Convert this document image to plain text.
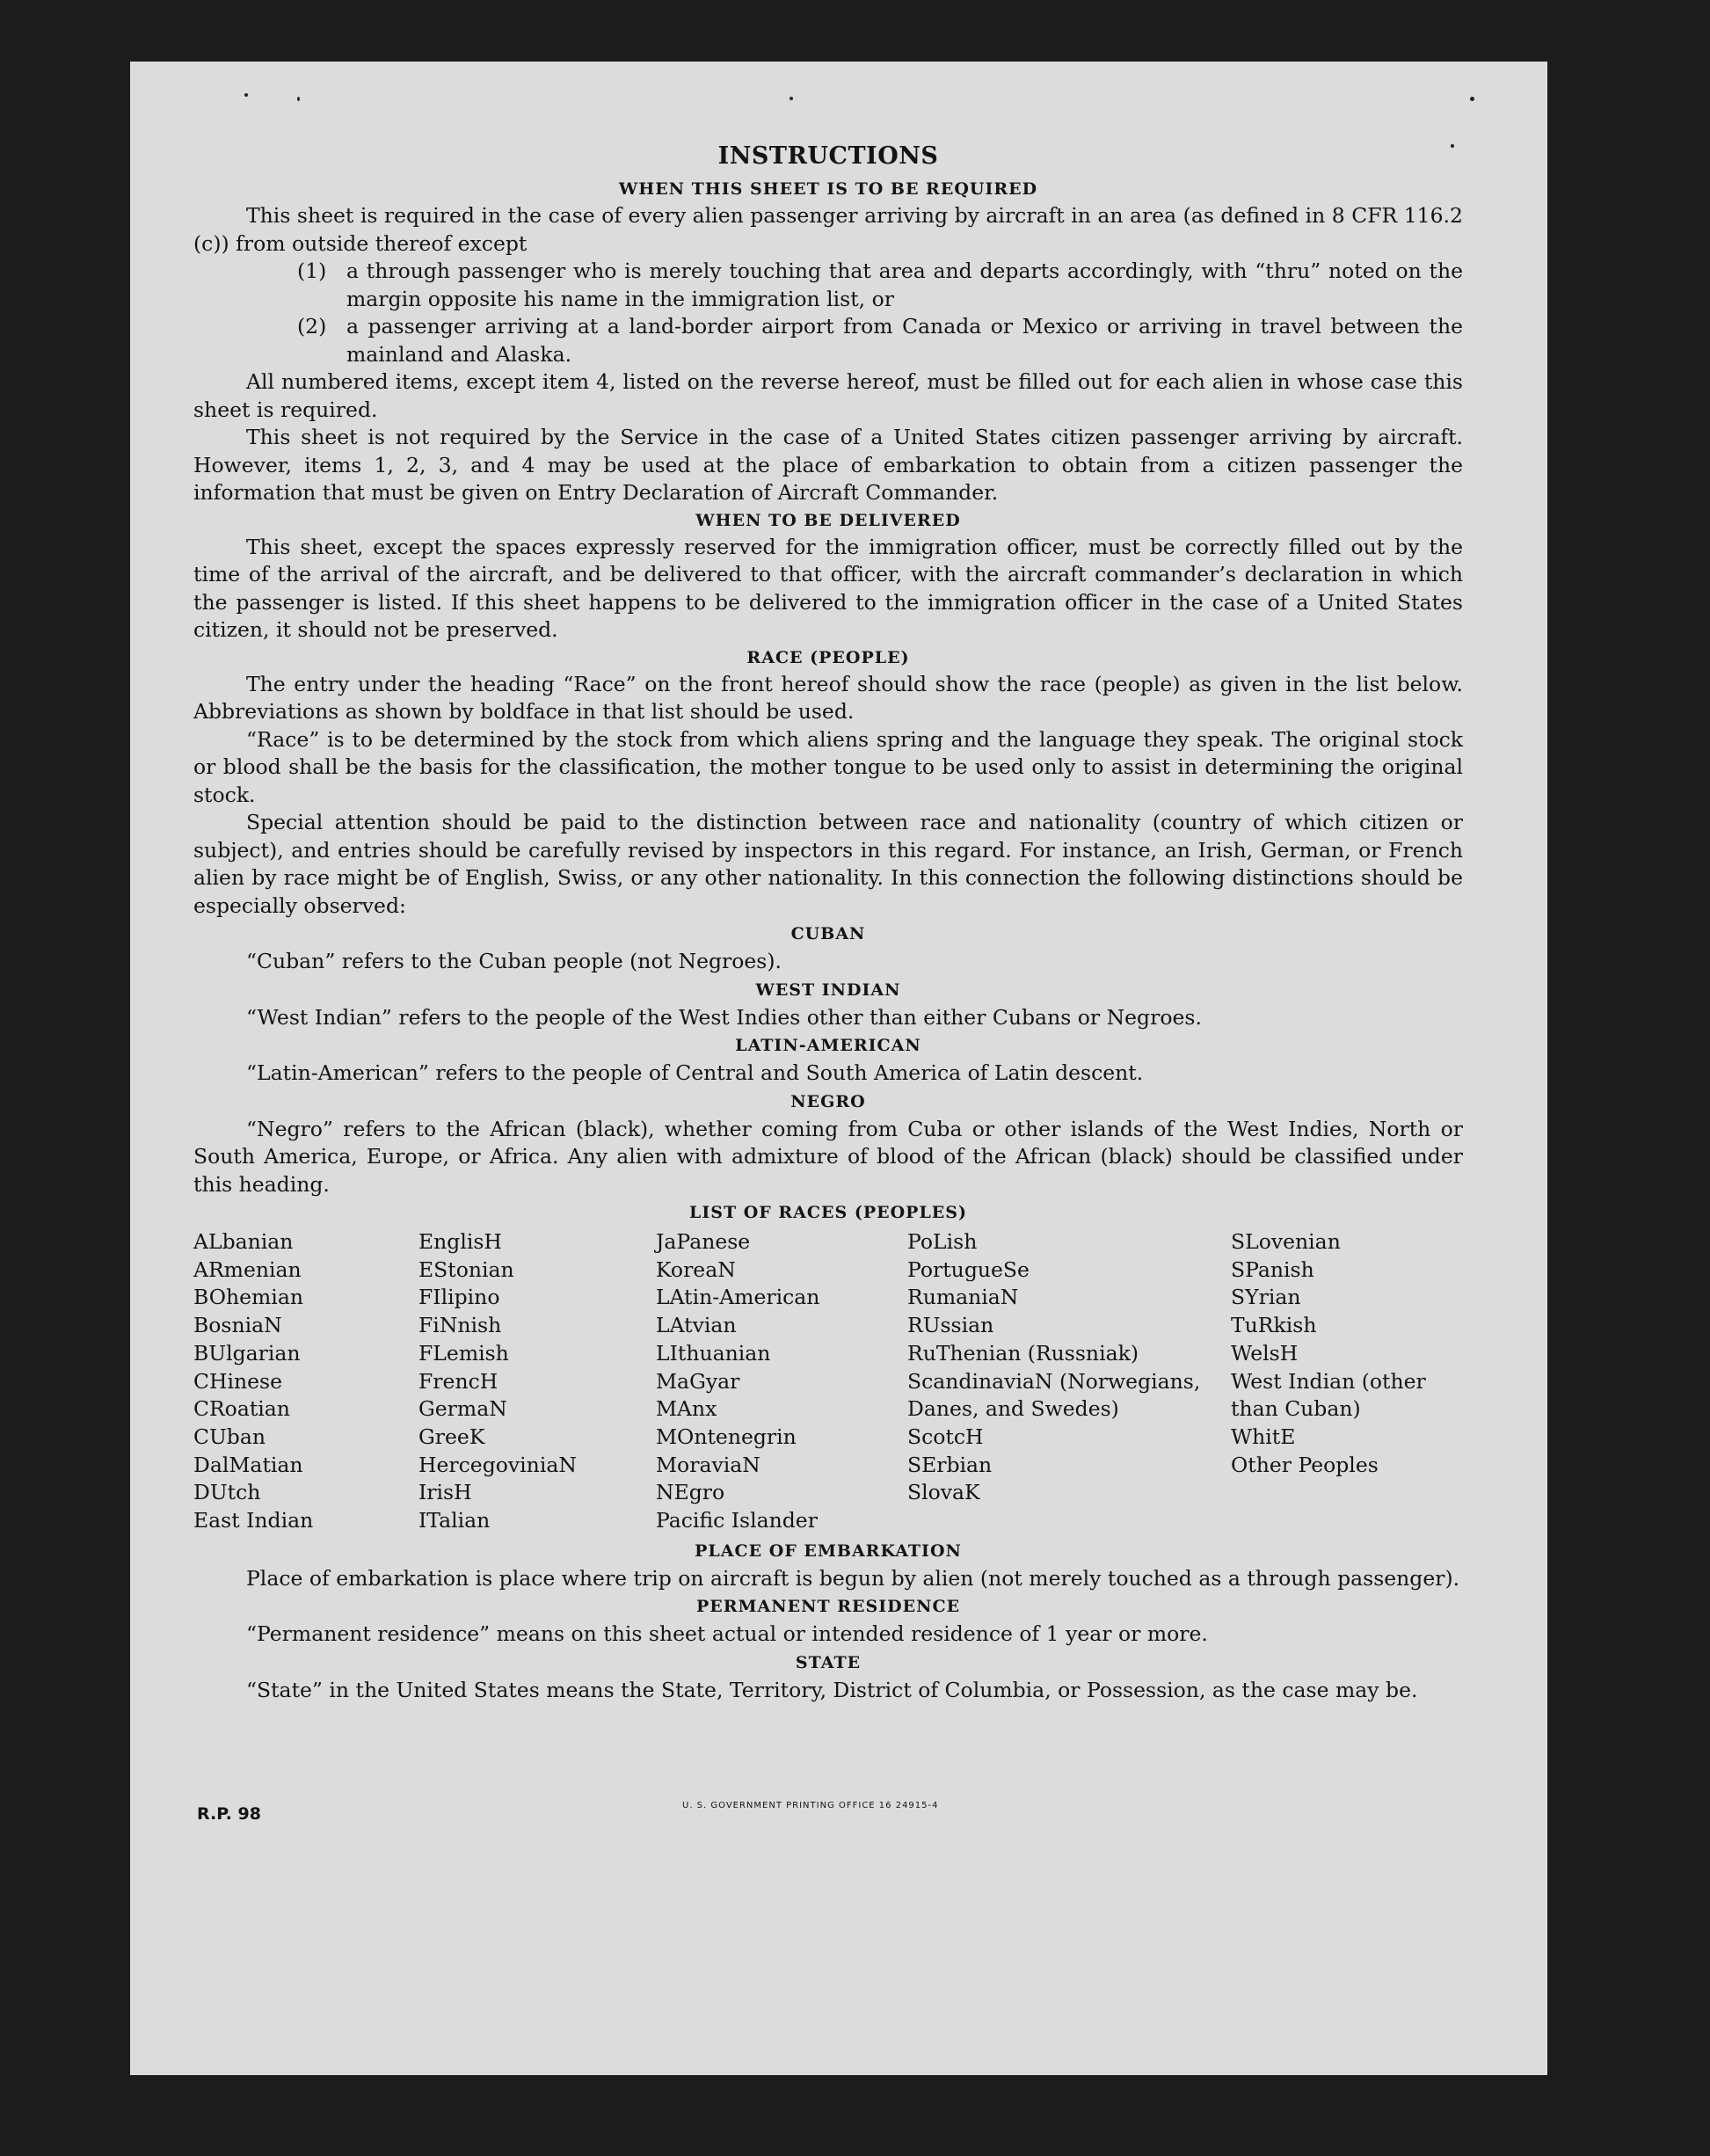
INSTRUCTIONS
WHEN THIS SHEET IS TO BE REQUIRED

This sheet is required in the case of every alien passenger arriving by aircraft in an area (as defined in 8 CFR 116.2 (c)) from outside thereof except

(1) a through passenger who is merely touching that area and departs accordingly, with “thru” noted on the margin opposite his name in the immigration list, or
(2) a passenger arriving at a land-border airport from Canada or Mexico or arriving in travel between the mainland and Alaska.

All numbered items, except item 4, listed on the reverse hereof, must be filled out for each alien in whose case this sheet is required.

This sheet is not required by the Service in the case of a United States citizen passenger arriving by aircraft. However, items 1, 2, 3, and 4 may be used at the place of embarkation to obtain from a citizen passenger the information that must be given on Entry Declaration of Aircraft Commander.

WHEN TO BE DELIVERED

This sheet, except the spaces expressly reserved for the immigration officer, must be correctly filled out by the time of the arrival of the aircraft, and be delivered to that officer, with the aircraft commander’s declaration in which the passenger is listed. If this sheet happens to be delivered to the immigration officer in the case of a United States citizen, it should not be preserved.

RACE (PEOPLE)

The entry under the heading “Race” on the front hereof should show the race (people) as given in the list below. Abbreviations as shown by boldface in that list should be used.

“Race” is to be determined by the stock from which aliens spring and the language they speak. The original stock or blood shall be the basis for the classification, the mother tongue to be used only to assist in determining the original stock.

Special attention should be paid to the distinction between race and nationality (country of which citizen or subject), and entries should be carefully revised by inspectors in this regard. For instance, an Irish, German, or French alien by race might be of English, Swiss, or any other nationality. In this connection the following distinctions should be especially observed:

CUBAN

“Cuban” refers to the Cuban people (not Negroes).

WEST INDIAN

“West Indian” refers to the people of the West Indies other than either Cubans or Negroes.

LATIN-AMERICAN

“Latin-American” refers to the people of Central and South America of Latin descent.

NEGRO

“Negro” refers to the African (black), whether coming from Cuba or other islands of the West Indies, North or South America, Europe, or Africa. Any alien with admixture of blood of the African (black) should be classified under this heading.

LIST OF RACES (PEOPLES)
ALbanian
ARmenian
BOhemian
BosniaN
BUlgarian
CHinese
CRoatian
CUban
DalMatian
DUtch
East Indian
EnglisH
EStonian
FIlipino
FiNnish
FLemish
FrencH
GermaN
GreeK
HercegoviniaN
IrisH
ITalian
JaPanese
KoreaN
LAtin-American
LAtvian
LIthuanian
MaGyar
MAnx
MOntenegrin
MoraviaN
NEgro
Pacific Islander
PoLish
PortugueSe
RumaniaN
RUssian
RuThenian (Russniak)
ScandinaviaN (Norwegians, Danes, and Swedes)
ScotcH
SErbian
SlovaK
SLovenian
SPanish
SYrian
TuRkish
WelsH
West Indian (other than Cuban)
WhitE
Other Peoples
PLACE OF EMBARKATION

Place of embarkation is place where trip on aircraft is begun by alien (not merely touched as a through passenger).

PERMANENT RESIDENCE

“Permanent residence” means on this sheet actual or intended residence of 1 year or more.

STATE

“State” in the United States means the State, Territory, District of Columbia, or Possession, as the case may be.

R.P. 98	U. S. GOVERNMENT PRINTING OFFICE 16 24915-4
